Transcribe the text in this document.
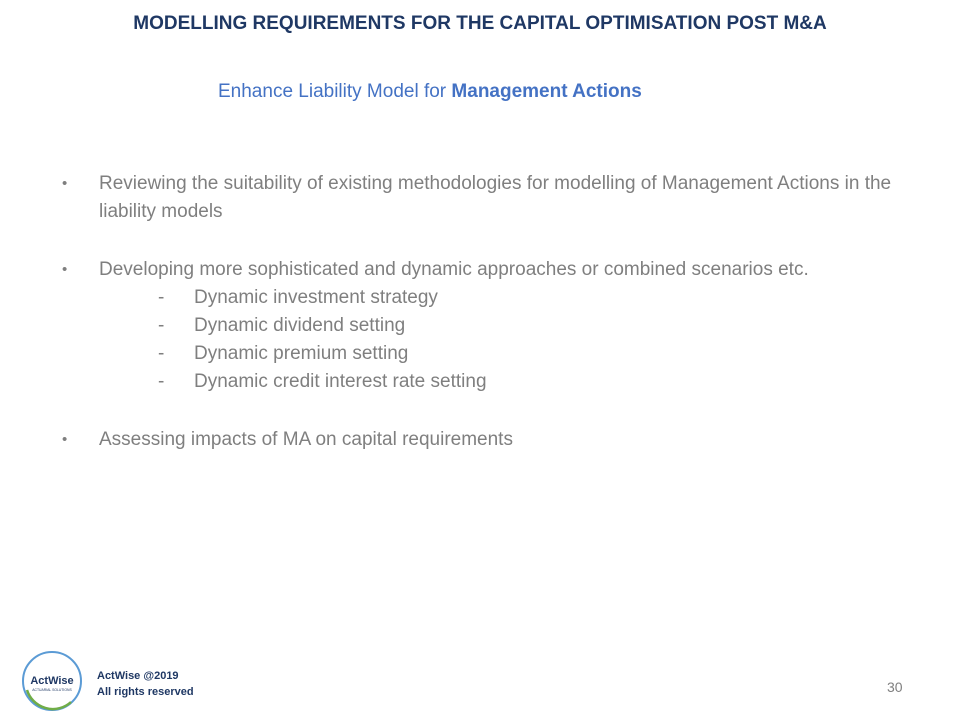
MODELLING REQUIREMENTS FOR THE CAPITAL OPTIMISATION POST M&A
Enhance Liability Model for Management Actions
• Reviewing the suitability of existing methodologies for modelling of Management Actions in the liability models
• Developing more sophisticated and dynamic approaches or combined scenarios etc.
- Dynamic investment strategy
- Dynamic dividend setting
- Dynamic premium setting
- Dynamic credit interest rate setting
• Assessing impacts of MA on capital requirements
ActWise
ACTUARIAL SOLUTIONS
ActWise @2019
All rights reserved	30
